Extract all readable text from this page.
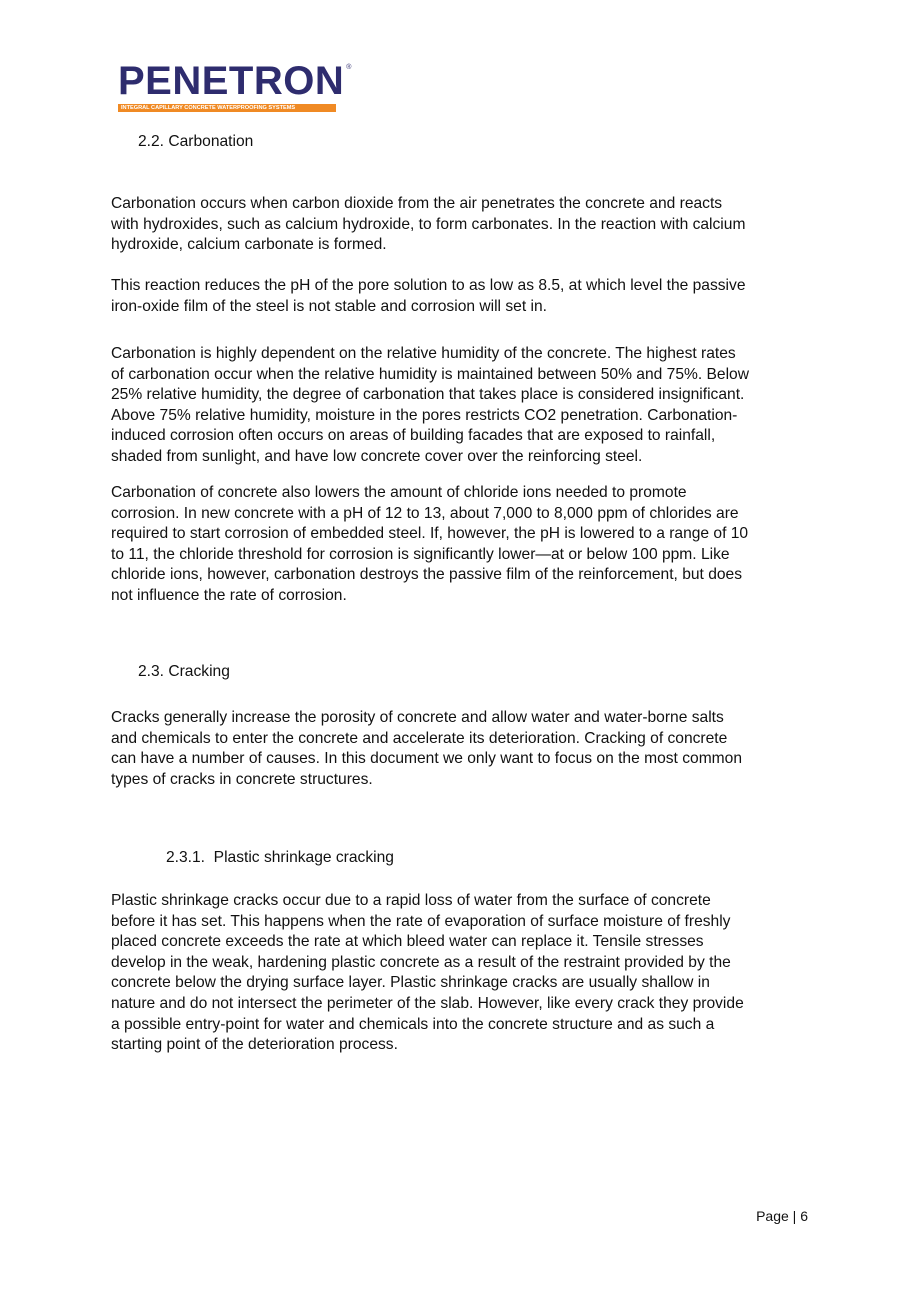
PENETRON ®
INTEGRAL CAPILLARY CONCRETE WATERPROOFING SYSTEMS
2.2. Carbonation
Carbonation occurs when carbon dioxide from the air penetrates the concrete and reacts
with hydroxides, such as calcium hydroxide, to form carbonates. In the reaction with calcium
hydroxide, calcium carbonate is formed.
This reaction reduces the pH of the pore solution to as low as 8.5, at which level the passive
iron-oxide film of the steel is not stable and corrosion will set in.
Carbonation is highly dependent on the relative humidity of the concrete. The highest rates
of carbonation occur when the relative humidity is maintained between 50% and 75%. Below
25% relative humidity, the degree of carbonation that takes place is considered insignificant.
Above 75% relative humidity, moisture in the pores restricts CO2 penetration. Carbonation-
induced corrosion often occurs on areas of building facades that are exposed to rainfall,
shaded from sunlight, and have low concrete cover over the reinforcing steel.
Carbonation of concrete also lowers the amount of chloride ions needed to promote
corrosion. In new concrete with a pH of 12 to 13, about 7,000 to 8,000 ppm of chlorides are
required to start corrosion of embedded steel. If, however, the pH is lowered to a range of 10
to 11, the chloride threshold for corrosion is significantly lower—at or below 100 ppm. Like
chloride ions, however, carbonation destroys the passive film of the reinforcement, but does
not influence the rate of corrosion.
2.3. Cracking
Cracks generally increase the porosity of concrete and allow water and water-borne salts
and chemicals to enter the concrete and accelerate its deterioration. Cracking of concrete
can have a number of causes. In this document we only want to focus on the most common
types of cracks in concrete structures.
2.3.1.  Plastic shrinkage cracking
Plastic shrinkage cracks occur due to a rapid loss of water from the surface of concrete
before it has set. This happens when the rate of evaporation of surface moisture of freshly
placed concrete exceeds the rate at which bleed water can replace it. Tensile stresses
develop in the weak, hardening plastic concrete as a result of the restraint provided by the
concrete below the drying surface layer. Plastic shrinkage cracks are usually shallow in
nature and do not intersect the perimeter of the slab. However, like every crack they provide
a possible entry-point for water and chemicals into the concrete structure and as such a
starting point of the deterioration process.
Page | 6
